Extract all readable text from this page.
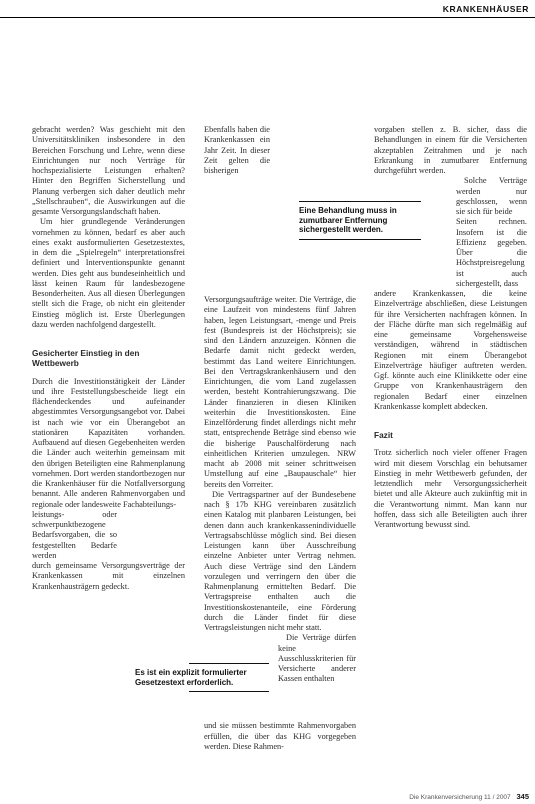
KRANKENHÄUSER

gebracht werden? Was geschieht mit den Universitätskliniken insbesondere in den Bereichen Forschung und Lehre, wenn diese Einrichtungen nur noch Verträge für hochspezialisierte Leistungen erhalten? Hinter den Begriffen Sicherstellung und Planung verbergen sich daher deutlich mehr „Stellschrauben“, die Auswirkungen auf die gesamte Versorgungslandschaft haben.

Um hier grundlegende Veränderungen vornehmen zu können, bedarf es aber auch eines exakt ausformulierten Gesetzestextes, in dem die „Spielregeln“ interpretationsfrei definiert und Interventionspunkte genannt werden. Dies geht aus bundeseinheitlich und lässt keinen Raum für landesbezogene Besonderheiten. Aus all diesen Überlegungen stellt sich die Frage, ob nicht ein gleitender Einstieg möglich ist. Erste Überlegungen dazu werden nachfolgend dargestellt.

Gesicherter Einstieg in den Wettbewerb

Durch die Investitionstätigkeit der Länder und ihre Feststellungsbescheide liegt ein flächendeckendes und aufeinander abgestimmtes Versorgungsangebot vor. Dabei ist nach wie vor ein Überangebot an stationären Kapazitäten vorhanden. Aufbauend auf diesen Gegebenheiten werden die Länder auch weiterhin gemeinsam mit den übrigen Beteiligten eine Rahmenplanung vornehmen. Dort werden standortbezogen nur die Krankenhäuser für die Notfallversorgung benannt. Alle anderen Rahmenvorgaben und regionale oder landesweite Fachabteilungs-

leistungs- oder schwerpunktbezogene Bedarfsvorgaben, die so festgestellten Bedarfe werden

durch gemeinsame Versorgungsverträge der Krankenkassen mit einzelnen Krankenhausträgern gedeckt.

Ebenfalls haben die Krankenkassen ein Jahr Zeit. In dieser Zeit gelten die bisherigen Versorgungsaufträge weiter. Die Verträge, die eine Laufzeit von mindestens fünf Jahren haben, legen Leistungsart, -menge und Preis fest (Bundespreis ist der Höchstpreis); sie sind den Ländern anzuzeigen. Können die Bedarfe damit nicht gedeckt werden, bestimmt das Land weitere Einrichtungen. Bei den Vertragskrankenhäusern und den Einrichtungen, die vom Land zugelassen werden, besteht Kontrahierungszwang. Die Länder finanzieren in diesen Kliniken weiterhin die Investitionskosten. Eine Einzelförderung findet allerdings nicht mehr statt, entsprechende Beträge sind ebenso wie die bisherige Pauschalförderung nach einheitlichen Kriterien umzulegen. NRW macht ab 2008 mit seiner schrittweisen Umstellung auf eine „Baupauschale“ hier bereits den Vorreiter.

Die Vertragspartner auf der Bundesebene nach § 17b KHG vereinbaren zusätzlich einen Katalog mit planbaren Leistungen, bei denen dann auch krankenkassenindividuelle Vertragsabschlüsse möglich sind. Bei diesen Leistungen kann über Ausschreibung einzelne Anbieter unter Vertrag nehmen. Auch diese Verträge sind den Ländern vorzulegen und verringern den über die Rahmenplanung ermittelten Bedarf. Die Vertragspreise enthalten auch die Investitionskostenanteile, eine Förderung durch die Länder findet für diese Vertragsleistungen nicht mehr statt.

Die Verträge dürfen keine Ausschlusskriterien für Versicherte anderer Kassen enthalten

und sie müssen bestimmte Rahmenvorgaben erfüllen, die über das KHG vorgegeben werden. Diese Rahmen-

vorgaben stellen z. B. sicher, dass die Behandlungen in einem für die Versicherten akzeptablen Zeitrahmen und je nach Erkrankung in zumutbarer Entfernung durchgeführt werden.

Solche Verträge werden nur geschlossen, wenn sie sich für beide

Seiten rechnen. Insofern ist die Effizienz gegeben. Über die Höchstpreisregelung ist auch sichergestellt, dass

andere Krankenkassen, die keine Einzelverträge abschließen, diese Leistungen für ihre Versicherten nachfragen können. In der Fläche dürfte man sich regelmäßig auf eine gemeinsame Vorgehensweise verständigen, während in städtischen Regionen mit einem Überangebot Einzelverträge häufiger auftreten werden. Ggf. könnte auch eine Klinikkette oder eine Gruppe von Krankenhausträgern den regionalen Bedarf einer einzelnen Krankenkasse komplett abdecken.

Fazit

Trotz sicherlich noch vieler offener Fragen wird mit diesem Vorschlag ein behutsamer Einstieg in mehr Wettbewerb gefunden, der letztendlich mehr Versorgungssicherheit bietet und alle Akteure auch zukünftig mit in die Verantwortung nimmt. Man kann nur hoffen, dass sich alle Beteiligten auch ihrer Verantwortung bewusst sind.

Eine Behandlung muss in zumutbarer Entfernung sichergestellt werden.
Es ist ein explizit formulierter Gesetzestext erforderlich.
Die Krankenversicherung 11 / 2007 345
